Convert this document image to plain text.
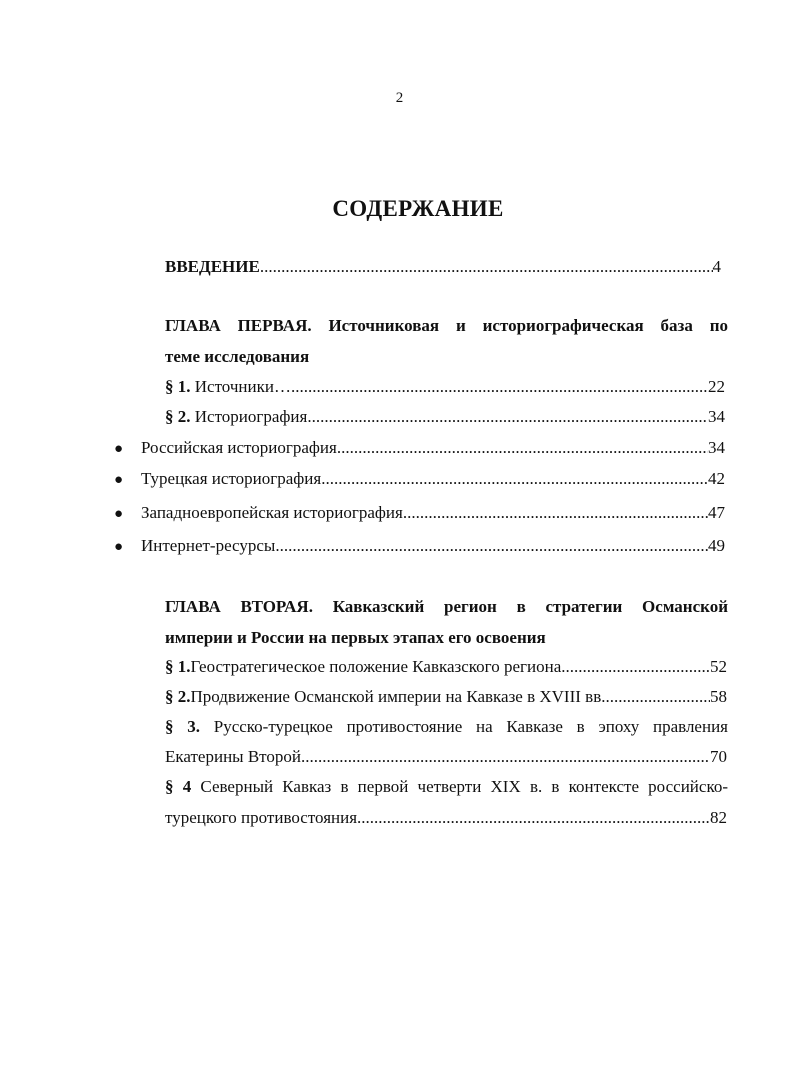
2
СОДЕРЖАНИЕ
ВВЕДЕНИЕ .....	4
ГЛАВА ПЕРВАЯ. Источниковая и историографическая база по
теме исследования
§ 1.
Источники… .....	22
§ 2.
Историография .....	34
● Российская историография .....	34
● Турецкая историография .....	42
● Западноевропейская историография .....	47
● Интернет-ресурсы .....	49
ГЛАВА ВТОРАЯ. Кавказский регион в стратегии Османской
империи и России на первых этапах его освоения
§ 1. Геостратегическое положение Кавказского региона .....	52
§ 2. Продвижение Османской империи на Кавказе в XVIII вв .....	58
§ 3. Русско-турецкое противостояние на Кавказе в эпоху правления
Екатерины Второй .....	70
§ 4 Северный Кавказ в первой четверти XIX в. в контексте российско-
турецкого противостояния .....	82
